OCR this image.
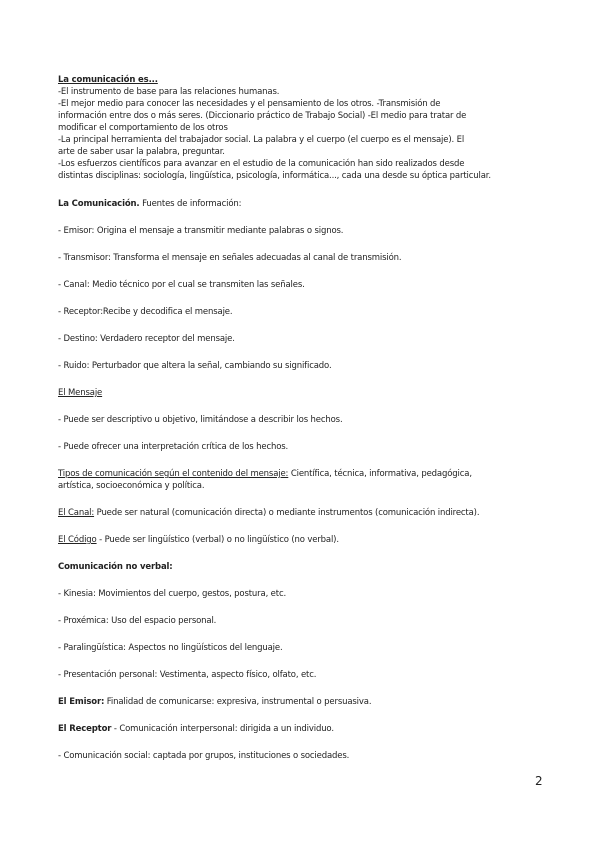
La comunicación es...
-El instrumento de base para las relaciones humanas.
-El mejor medio para conocer las necesidades y el pensamiento de los otros. -Transmisión de
información entre dos o más seres. (Diccionario práctico de Trabajo Social) -El medio para tratar de
modificar el comportamiento de los otros
-La principal herramienta del trabajador social. La palabra y el cuerpo (el cuerpo es el mensaje). El
arte de saber usar la palabra, preguntar.
-Los esfuerzos científicos para avanzar en el estudio de la comunicación han sido realizados desde
distintas disciplinas: sociología, lingüística, psicología, informática..., cada una desde su óptica particular.
La Comunicación. Fuentes de información:
- Emisor: Origina el mensaje a transmitir mediante palabras o signos.
- Transmisor: Transforma el mensaje en señales adecuadas al canal de transmisión.
- Canal: Medio técnico por el cual se transmiten las señales.
- Receptor:Recibe y decodifica el mensaje.
- Destino: Verdadero receptor del mensaje.
- Ruido: Perturbador que altera la señal, cambiando su significado.
El Mensaje
- Puede ser descriptivo u objetivo, limitándose a describir los hechos.
- Puede ofrecer una interpretación crítica de los hechos.
Tipos de comunicación según el contenido del mensaje: Científica, técnica, informativa, pedagógica,
artística, socioeconómica y política.
El Canal: Puede ser natural (comunicación directa) o mediante instrumentos (comunicación indirecta).
El Código - Puede ser lingüístico (verbal) o no lingüístico (no verbal).
Comunicación no verbal:
- Kinesia: Movimientos del cuerpo, gestos, postura, etc.
- Proxémica: Uso del espacio personal.
- Paralingüística: Aspectos no lingüísticos del lenguaje.
- Presentación personal: Vestimenta, aspecto físico, olfato, etc.
El Emisor: Finalidad de comunicarse: expresiva, instrumental o persuasiva.
El Receptor - Comunicación interpersonal: dirigida a un individuo.
- Comunicación social: captada por grupos, instituciones o sociedades.
2
